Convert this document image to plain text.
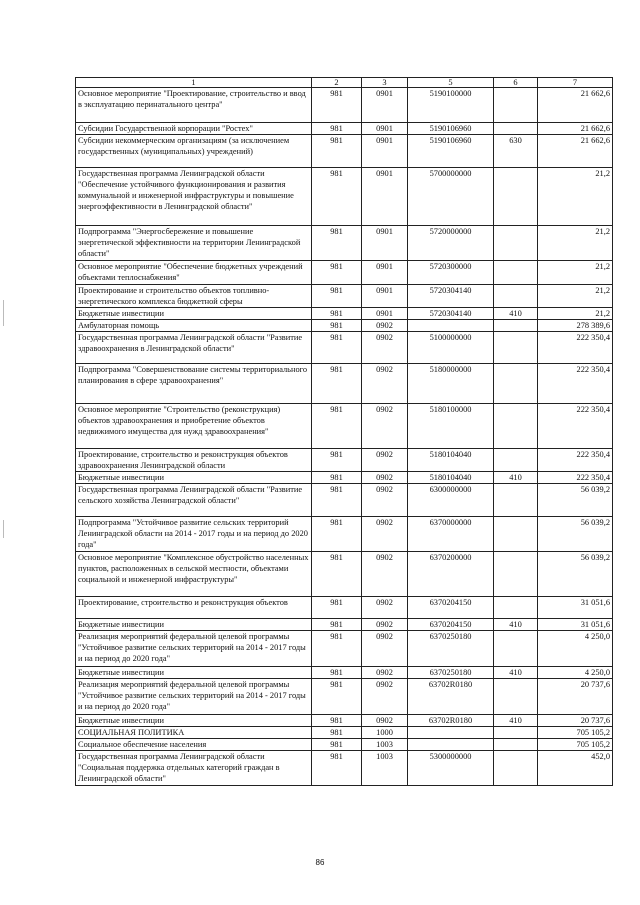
1	2	3	5	6	7
Основное мероприятие "Проектирование, строительство и ввод в эксплуатацию перинатального центра"	981	0901	5190100000		21 662,6
Субсидии Государственной корпорации "Ростех"	981	0901	5190106960		21 662,6
Субсидии некоммерческим организациям (за исключением государственных (муниципальных) учреждений)	981	0901	5190106960	630	21 662,6
Государственная программа Ленинградской области "Обеспечение устойчивого функционирования и развития коммунальной и инженерной инфраструктуры и повышение энергоэффективности в Ленинградской области"	981	0901	5700000000		21,2
Подпрограмма "Энергосбережение и повышение энергетической эффективности на территории Ленинградской области"	981	0901	5720000000		21,2
Основное мероприятие "Обеспечение бюджетных учреждений объектами теплоснабжения"	981	0901	5720300000		21,2
Проектирование и строительство объектов топливно-энергетического комплекса бюджетной сферы	981	0901	5720304140		21,2
Бюджетные инвестиции	981	0901	5720304140	410	21,2
Амбулаторная помощь	981	0902			278 389,6
Государственная программа Ленинградской области "Развитие здравоохранения в Ленинградской области"	981	0902	5100000000		222 350,4
Подпрограмма "Совершенствование системы территориального планирования в сфере здравоохранения"	981	0902	5180000000		222 350,4
Основное мероприятие "Строительство (реконструкция) объектов здравоохранения и приобретение объектов недвижимого имущества для нужд здравоохранения"	981	0902	5180100000		222 350,4
Проектирование, строительство и реконструкция объектов здравоохранения Ленинградской области	981	0902	5180104040		222 350,4
Бюджетные инвестиции	981	0902	5180104040	410	222 350,4
Государственная программа Ленинградской области "Развитие сельского хозяйства Ленинградской области"	981	0902	6300000000		56 039,2
Подпрограмма "Устойчивое развитие сельских территорий Ленинградской области на 2014 - 2017 годы и на период до 2020 года"	981	0902	6370000000		56 039,2
Основное мероприятие "Комплексное обустройство населенных пунктов, расположенных в сельской местности, объектами социальной и инженерной инфраструктуры"	981	0902	6370200000		56 039,2
Проектирование, строительство и реконструкция объектов	981	0902	6370204150		31 051,6
Бюджетные инвестиции	981	0902	6370204150	410	31 051,6
Реализация мероприятий федеральной целевой программы "Устойчивое развитие сельских территорий на 2014 - 2017 годы и на период до 2020 года"	981	0902	6370250180		4 250,0
Бюджетные инвестиции	981	0902	6370250180	410	4 250,0
Реализация мероприятий федеральной целевой программы "Устойчивое развитие сельских территорий на 2014 - 2017 годы и на период до 2020 года"	981	0902	63702R0180		20 737,6
Бюджетные инвестиции	981	0902	63702R0180	410	20 737,6
СОЦИАЛЬНАЯ ПОЛИТИКА	981	1000			705 105,2
Социальное обеспечение населения	981	1003			705 105,2
Государственная программа Ленинградской области "Социальная поддержка отдельных категорий граждан в Ленинградской области"	981	1003	5300000000		452,0
86
